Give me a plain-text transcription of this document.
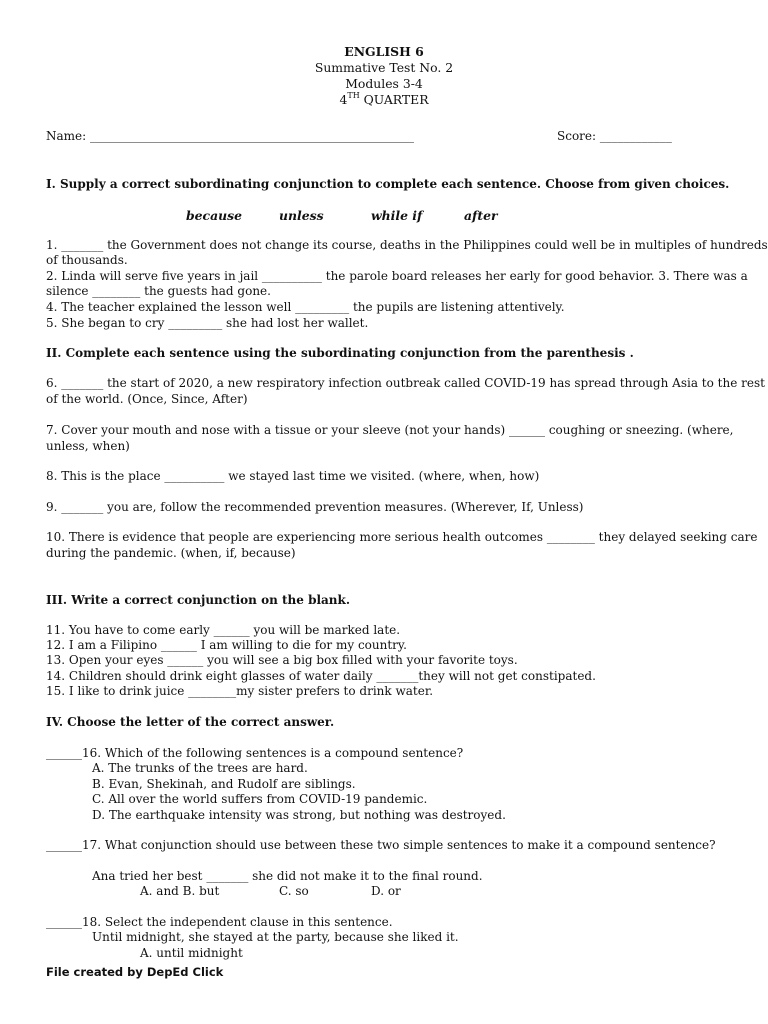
ENGLISH 6
Summative Test No. 2
Modules 3-4
4TH QUARTER
Name: ______________________________________________________	Score: ____________
I. Supply a correct subordinating conjunction to complete each sentence. Choose from given choices.
because	unless	while if	after
1. _______ the Government does not change its course, deaths in the Philippines could well be in multiples of hundreds
of thousands.
2. Linda will serve five years in jail __________ the parole board releases her early for good behavior. 3. There was a
silence ________ the guests had gone.
4. The teacher explained the lesson well _________ the pupils are listening attentively.
5. She began to cry _________ she had lost her wallet.
II. Complete each sentence using the subordinating conjunction from the parenthesis .
6. _______ the start of 2020, a new respiratory infection outbreak called COVID-19 has spread through Asia to the rest
of the world. (Once, Since, After)
7. Cover your mouth and nose with a tissue or your sleeve (not your hands) ______ coughing or sneezing. (where,
unless, when)
8. This is the place __________ we stayed last time we visited. (where, when, how)
9. _______ you are, follow the recommended prevention measures. (Wherever, If, Unless)
10. There is evidence that people are experiencing more serious health outcomes ________ they delayed seeking care
during the pandemic. (when, if, because)
III. Write a correct conjunction on the blank.
11. You have to come early ______ you will be marked late.
12. I am a Filipino ______ I am willing to die for my country.
13. Open your eyes ______ you will see a big box filled with your favorite toys.
14. Children should drink eight glasses of water daily _______they will not get constipated.
15. I like to drink juice ________my sister prefers to drink water.
IV. Choose the letter of the correct answer.
______16. Which of the following sentences is a compound sentence?
A. The trunks of the trees are hard.
B. Evan, Shekinah, and Rudolf are siblings.
C. All over the world suffers from COVID-19 pandemic.
D. The earthquake intensity was strong, but nothing was destroyed.
______17. What conjunction should use between these two simple sentences to make it a compound sentence?
Ana tried her best _______ she did not make it to the final round.
A. and B. but	C. so	D. or
______18. Select the independent clause in this sentence.
Until midnight, she stayed at the party, because she liked it.
A. until midnight
File created by DepEd Click
